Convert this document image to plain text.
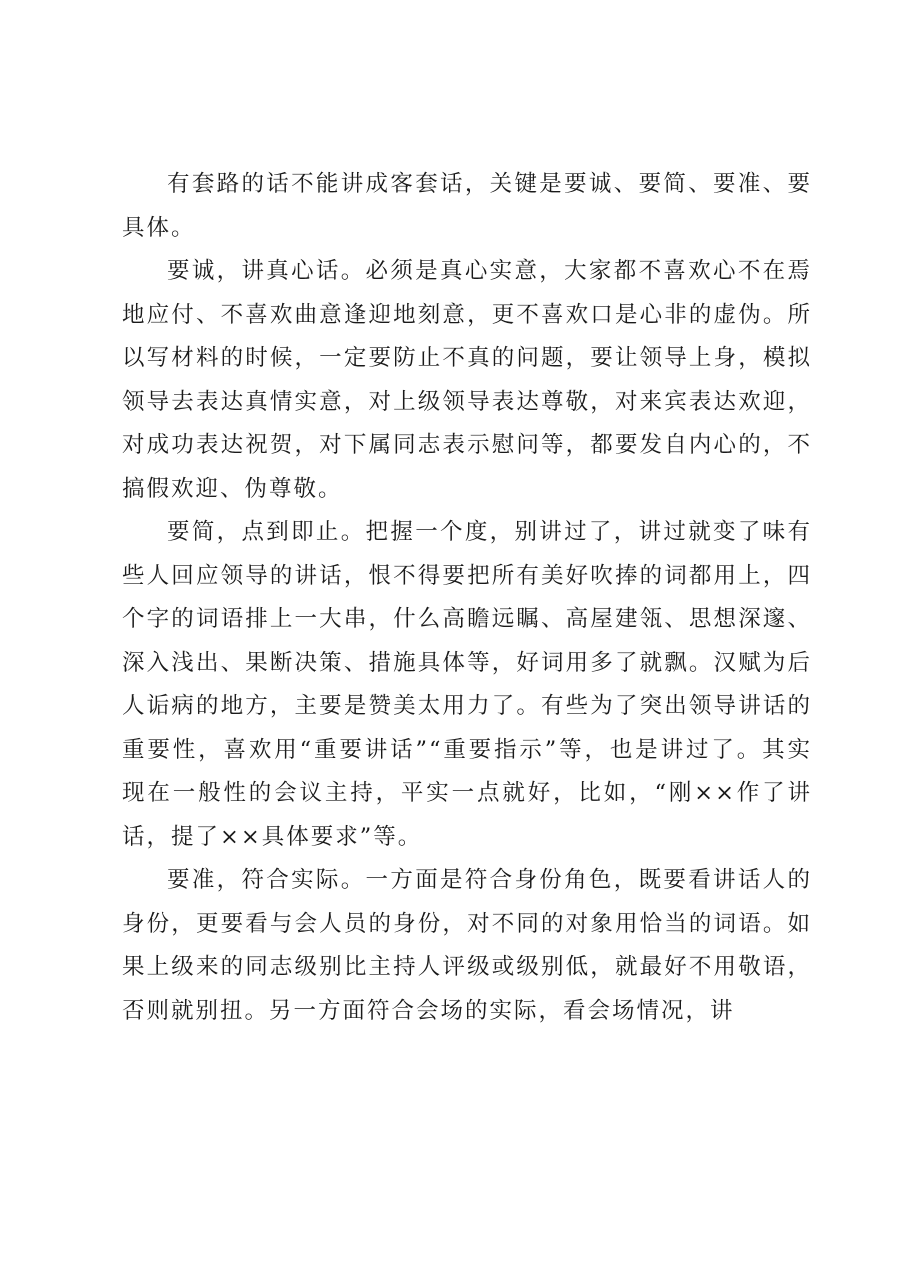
有套路的话不能讲成客套话，关键是要诚、要简、要准、要具体。

要诚，讲真心话。必须是真心实意，大家都不喜欢心不在焉地应付、不喜欢曲意逢迎地刻意，更不喜欢口是心非的虚伪。所以写材料的时候，一定要防止不真的问题，要让领导上身，模拟领导去表达真情实意，对上级领导表达尊敬，对来宾表达欢迎，对成功表达祝贺，对下属同志表示慰问等，都要发自内心的，不搞假欢迎、伪尊敬。

要简，点到即止。把握一个度，别讲过了，讲过就变了味有些人回应领导的讲话，恨不得要把所有美好吹捧的词都用上，四个字的词语排上一大串，什么高瞻远瞩、高屋建瓴、思想深邃、深入浅出、果断决策、措施具体等，好词用多了就飘。汉赋为后人诟病的地方，主要是赞美太用力了。有些为了突出领导讲话的重要性，喜欢用“重要讲话”“重要指示”等，也是讲过了。其实现在一般性的会议主持，平实一点就好，比如，“刚××作了讲话，提了××具体要求”等。

要准，符合实际。一方面是符合身份角色，既要看讲话人的身份，更要看与会人员的身份，对不同的对象用恰当的词语。如果上级来的同志级别比主持人评级或级别低，就最好不用敬语，否则就别扭。另一方面符合会场的实际，看会场情况，讲
